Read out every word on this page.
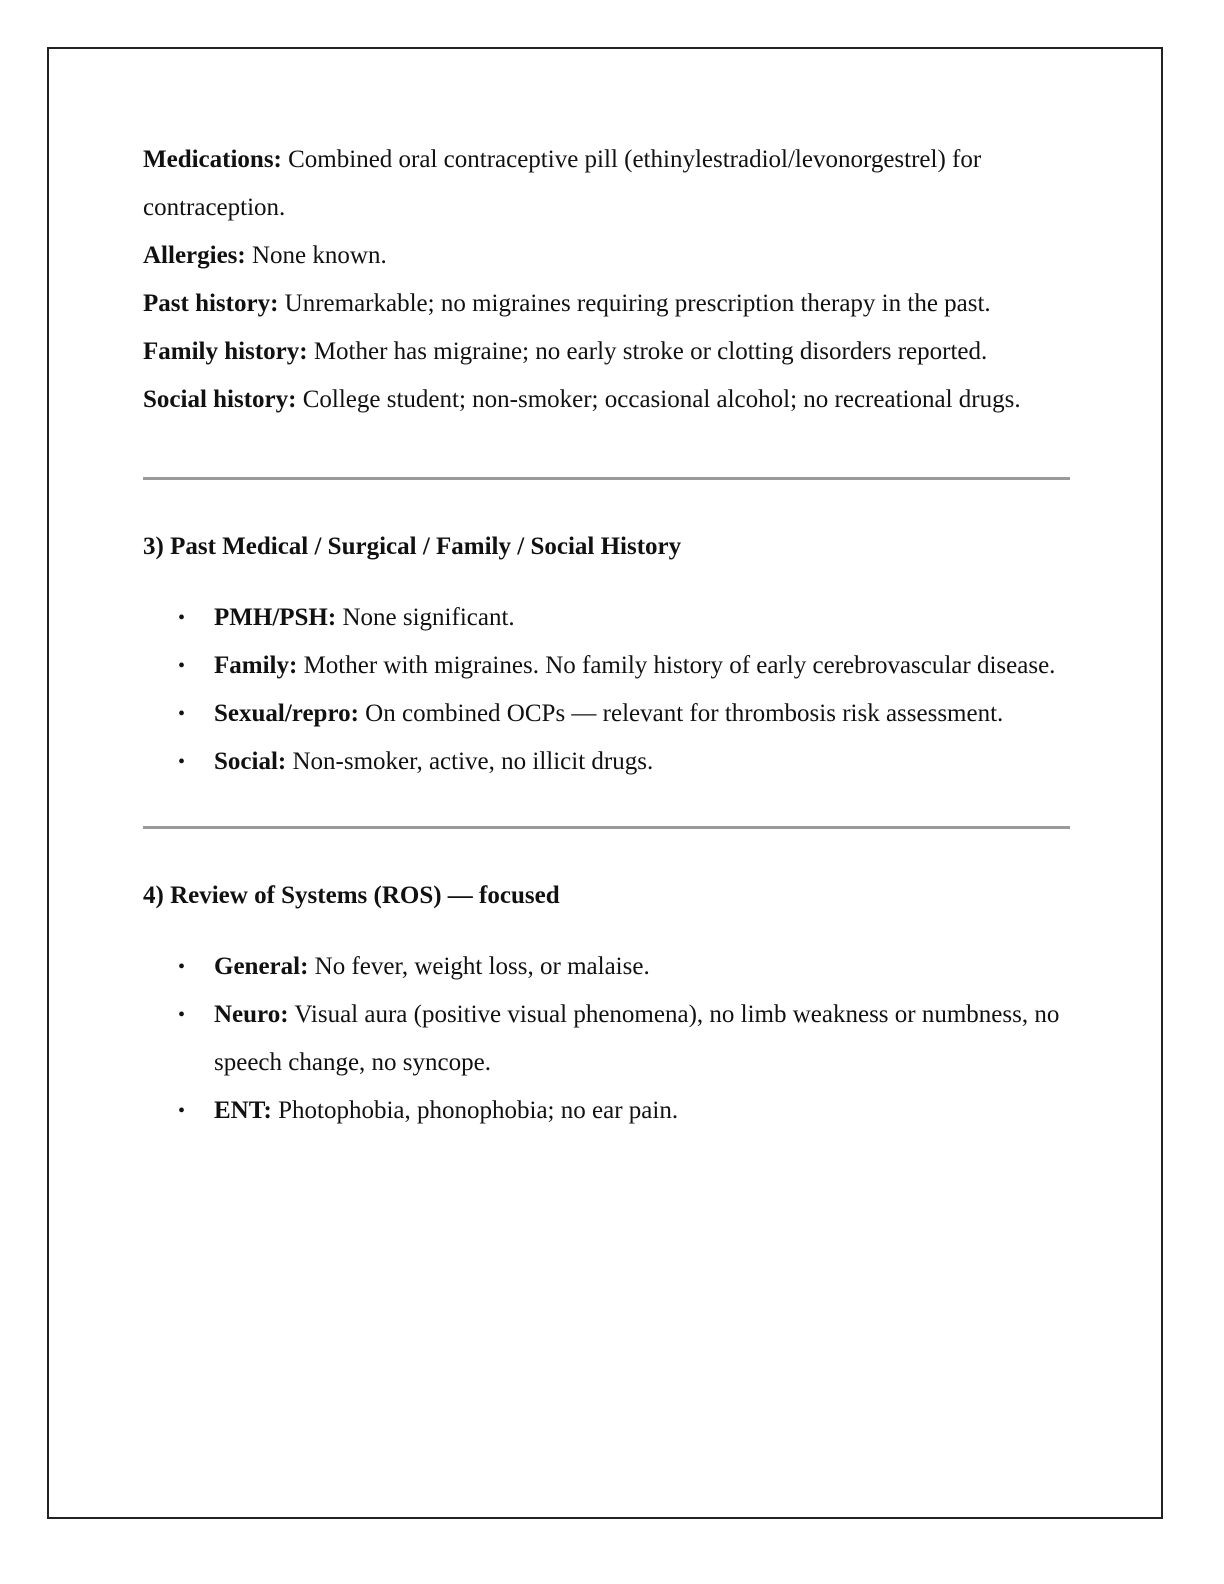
Medications: Combined oral contraceptive pill (ethinylestradiol/levonorgestrel) for contraception.

Allergies: None known.

Past history: Unremarkable; no migraines requiring prescription therapy in the past.

Family history: Mother has migraine; no early stroke or clotting disorders reported.

Social history: College student; non-smoker; occasional alcohol; no recreational drugs.

3) Past Medical / Surgical / Family / Social History

• PMH/PSH: None significant.
• Family: Mother with migraines. No family history of early cerebrovascular disease.
• Sexual/repro: On combined OCPs — relevant for thrombosis risk assessment.
• Social: Non-smoker, active, no illicit drugs.

4) Review of Systems (ROS) — focused

• General: No fever, weight loss, or malaise.
• Neuro: Visual aura (positive visual phenomena), no limb weakness or numbness, no speech change, no syncope.
• ENT: Photophobia, phonophobia; no ear pain.
